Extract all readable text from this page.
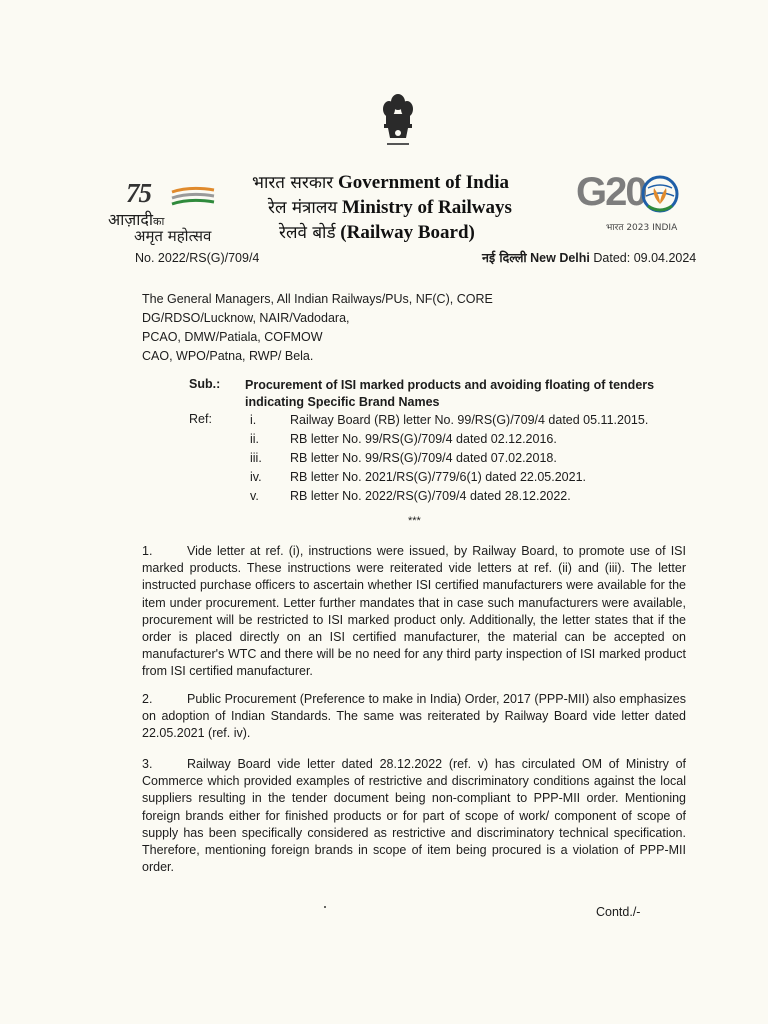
75
आज़ादीका
अमृत महोत्सव
भारत सरकार Government of India
रेल मंत्रालय Ministry of Railways
रेलवे बोर्ड (Railway Board)
G20
भारत 2023 INDIA
No. 2022/RS(G)/709/4	नई दिल्ली New Delhi Dated: 09.04.2024
The General Managers, All Indian Railways/PUs, NF(C), CORE
DG/RDSO/Lucknow, NAIR/Vadodara,
PCAO, DMW/Patiala, COFMOW
CAO, WPO/Patna, RWP/ Bela.
Sub.: Procurement of ISI marked products and avoiding floating of tenders indicating Specific Brand Names
Ref:	i.	Railway Board (RB) letter No. 99/RS(G)/709/4 dated 05.11.2015.
ii.	RB letter No. 99/RS(G)/709/4 dated 02.12.2016.
iii.	RB letter No. 99/RS(G)/709/4 dated 07.02.2018.
iv.	RB letter No. 2021/RS(G)/779/6(1) dated 22.05.2021.
v.	RB letter No. 2022/RS(G)/709/4 dated 28.12.2022.
***

1.	Vide letter at ref. (i), instructions were issued, by Railway Board, to promote use of ISI marked products. These instructions were reiterated vide letters at ref. (ii) and (iii). The letter instructed purchase officers to ascertain whether ISI certified manufacturers were available for the item under procurement. Letter further mandates that in case such manufacturers were available, procurement will be restricted to ISI marked product only. Additionally, the letter states that if the order is placed directly on an ISI certified manufacturer, the material can be accepted on manufacturer's WTC and there will be no need for any third party inspection of ISI marked product from ISI certified manufacturer.

2.	Public Procurement (Preference to make in India) Order, 2017 (PPP-MII) also emphasizes on adoption of Indian Standards. The same was reiterated by Railway Board vide letter dated 22.05.2021 (ref. iv).

3.	Railway Board vide letter dated 28.12.2022 (ref. v) has circulated OM of Ministry of Commerce which provided examples of restrictive and discriminatory conditions against the local suppliers resulting in the tender document being non-compliant to PPP-MII order. Mentioning foreign brands either for finished products or for part of scope of work/ component of scope of supply has been specifically considered as restrictive and discriminatory technical specification. Therefore, mentioning foreign brands in scope of item being procured is a violation of PPP-MII order.

Contd./-
